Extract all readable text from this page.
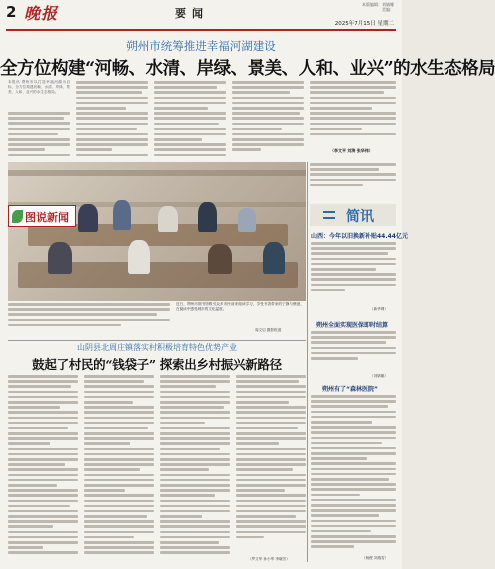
2 晚报	要闻
本版编辑：刘婧娜
美编：
2025年7月15日 星期二
朔州市统筹推进幸福河湖建设
全方位构建“河畅、水清、岸绿、景美、人和、业兴”的水生态格局
本报讯 朔州市以打造幸福河湖为目标，全方位构建河畅、水清、岸绿、景美、人和、业兴的水生态格局。
（李文平 刘涛 张华伟）
图说新闻
近日，朔州市图书馆吸引众多市民前来阅读学习，享受书香带来的宁静与惬意，在阅读中感受城市的文化温度。
周文启 摄影报道
简讯
山西：今年以旧换新补贴44.44亿元
（新华网）
朔州全面实现医保即时结算
（刘婧娜）
朔州有了“森林医院”
（杨俊 刘瑞雪）
山阴县北周庄镇落实村积极培育特色优势产业
鼓起了村民的“钱袋子” 探索出乡村振兴新路径
（罗文华 孙小军 李晓芳）
